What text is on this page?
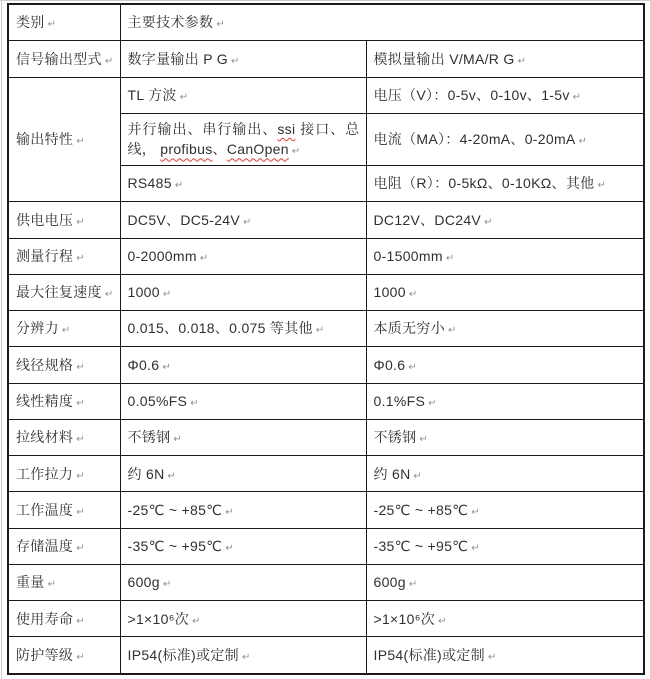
类别 ↵	主要技术参数 ↵	
信号输出型式 ↵	数字量输出 P G ↵	模拟量输出 V/MA/R G ↵
输出特性 ↵	TL 方波 ↵	电压（V）：0-5v、0-10v、1-5v ↵
	并行输出、串行输出、ssi 接口、总线， profibus、CanOpen ↵	电流（MA）：4-20mA、0-20mA ↵
	RS485 ↵	电阻（R）：0-5kΩ、0-10KΩ、其他 ↵
供电电压 ↵	DC5V、DC5-24V ↵	DC12V、DC24V ↵
测量行程 ↵	0-2000mm ↵	0-1500mm ↵
最大往复速度 ↵	1000 ↵	1000 ↵
分辨力 ↵	0.015、0.018、0.075 等其他 ↵	本质无穷小 ↵
线径规格 ↵	Φ0.6 ↵	Φ0.6 ↵
线性精度 ↵	0.05%FS ↵	0.1%FS ↵
拉线材料 ↵	不锈钢 ↵	不锈钢 ↵
工作拉力 ↵	约 6N ↵	约 6N ↵
工作温度 ↵	-25℃ ~ +85℃ ↵	-25℃ ~ +85℃ ↵
存储温度 ↵	-35℃ ~ +95℃ ↵	-35℃ ~ +95℃ ↵
重量 ↵	600g ↵	600g ↵
使用寿命 ↵	>1×10⁶次 ↵	>1×10⁶次 ↵
防护等级 ↵	IP54(标准)或定制 ↵	IP54(标准)或定制 ↵
